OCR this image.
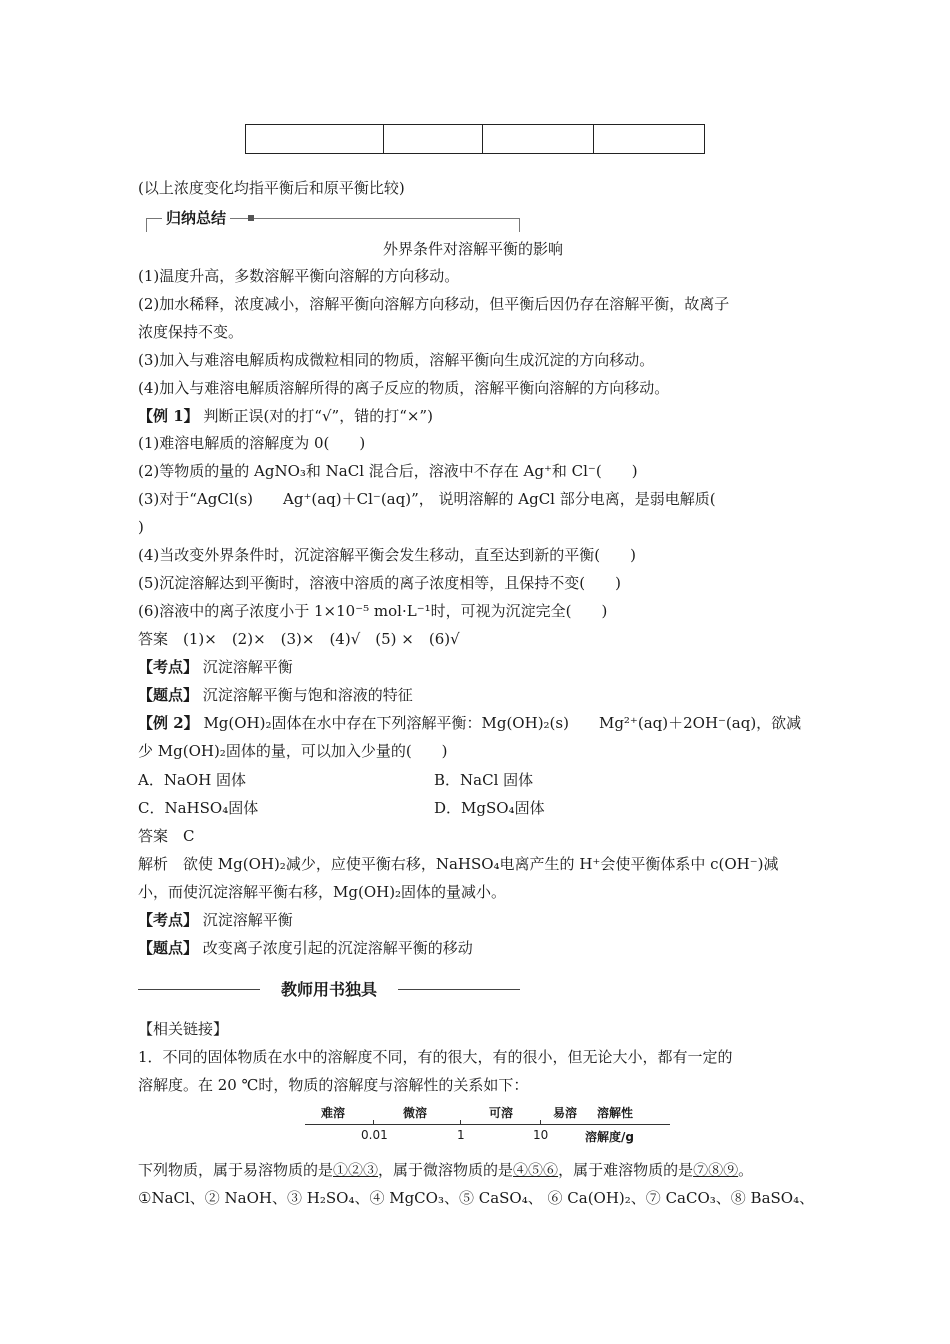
(以上浓度变化均指平衡后和原平衡比较)
归纳总结
外界条件对溶解平衡的影响
(1)温度升高，多数溶解平衡向溶解的方向移动。
(2)加水稀释，浓度减小，溶解平衡向溶解方向移动，但平衡后因仍存在溶解平衡，故离子
浓度保持不变。
(3)加入与难溶电解质构成微粒相同的物质，溶解平衡向生成沉淀的方向移动。
(4)加入与难溶电解质溶解所得的离子反应的物质，溶解平衡向溶解的方向移动。
【例 1】 判断正误(对的打“√”，错的打“×”)
(1)难溶电解质的溶解度为 0(　　)
(2)等物质的量的 AgNO₃和 NaCl 混合后，溶液中不存在 Ag⁺和 Cl⁻(　　)
(3)对于“AgCl(s)　　Ag⁺(aq)＋Cl⁻(aq)”， 说明溶解的 AgCl 部分电离，是弱电解质(
)
(4)当改变外界条件时，沉淀溶解平衡会发生移动，直至达到新的平衡(　　)
(5)沉淀溶解达到平衡时，溶液中溶质的离子浓度相等，且保持不变(　　)
(6)溶液中的离子浓度小于 1×10⁻⁵ mol·L⁻¹时，可视为沉淀完全(　　)
答案　(1)×　(2)×　(3)×　(4)√　(5) ×　(6)√
【考点】 沉淀溶解平衡
【题点】 沉淀溶解平衡与饱和溶液的特征
【例 2】 Mg(OH)₂固体在水中存在下列溶解平衡：Mg(OH)₂(s)　　Mg²⁺(aq)＋2OH⁻(aq)，欲减
少 Mg(OH)₂固体的量，可以加入少量的(　　)
A．NaOH 固体	B．NaCl 固体
C．NaHSO₄固体	D．MgSO₄固体
答案　C
解析　欲使 Mg(OH)₂减少，应使平衡右移，NaHSO₄电离产生的 H⁺会使平衡体系中 c(OH⁻)减
小，而使沉淀溶解平衡右移，Mg(OH)₂固体的量减小。
【考点】 沉淀溶解平衡
【题点】 改变离子浓度引起的沉淀溶解平衡的移动
教师用书独具
【相关链接】
1．不同的固体物质在水中的溶解度不同，有的很大，有的很小，但无论大小，都有一定的
溶解度。在 20 ℃时，物质的溶解度与溶解性的关系如下：
难溶	微溶	可溶	易溶 溶解性
0.01	1	10	溶解度/g
下列物质，属于易溶物质的是①②③，属于微溶物质的是④⑤⑥，属于难溶物质的是⑦⑧⑨。
①NaCl、② NaOH、③ H₂SO₄、④ MgCO₃、⑤ CaSO₄、 ⑥ Ca(OH)₂、⑦ CaCO₃、⑧ BaSO₄、
